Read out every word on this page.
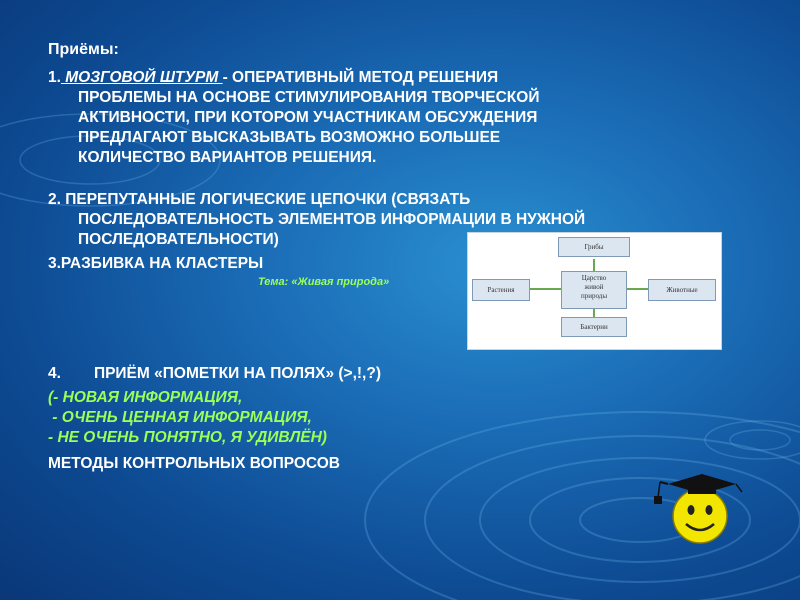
Приёмы:
1. МОЗГОВОЙ ШТУРМ - ОПЕРАТИВНЫЙ МЕТОД РЕШЕНИЯ
ПРОБЛЕМЫ НА ОСНОВЕ СТИМУЛИРОВАНИЯ ТВОРЧЕСКОЙ
АКТИВНОСТИ, ПРИ КОТОРОМ УЧАСТНИКАМ ОБСУЖДЕНИЯ
ПРЕДЛАГАЮТ ВЫСКАЗЫВАТЬ ВОЗМОЖНО БОЛЬШЕЕ
КОЛИЧЕСТВО ВАРИАНТОВ РЕШЕНИЯ.
2. ПЕРЕПУТАННЫЕ ЛОГИЧЕСКИЕ ЦЕПОЧКИ (СВЯЗАТЬ
ПОСЛЕДОВАТЕЛЬНОСТЬ ЭЛЕМЕНТОВ ИНФОРМАЦИИ В НУЖНОЙ
ПОСЛЕДОВАТЕЛЬНОСТИ)
3.РАЗБИВКА НА КЛАСТЕРЫ
Тема: «Живая природа»
4. ПРИЁМ «ПОМЕТКИ НА ПОЛЯХ» (>,!,?)
(- НОВАЯ ИНФОРМАЦИЯ,
- ОЧЕНЬ ЦЕННАЯ ИНФОРМАЦИЯ,
- НЕ ОЧЕНЬ ПОНЯТНО, Я УДИВЛЁН)
МЕТОДЫ КОНТРОЛЬНЫХ ВОПРОСОВ
Грибы
Растения
Царство
живой
природы
Животные
Бактерии
